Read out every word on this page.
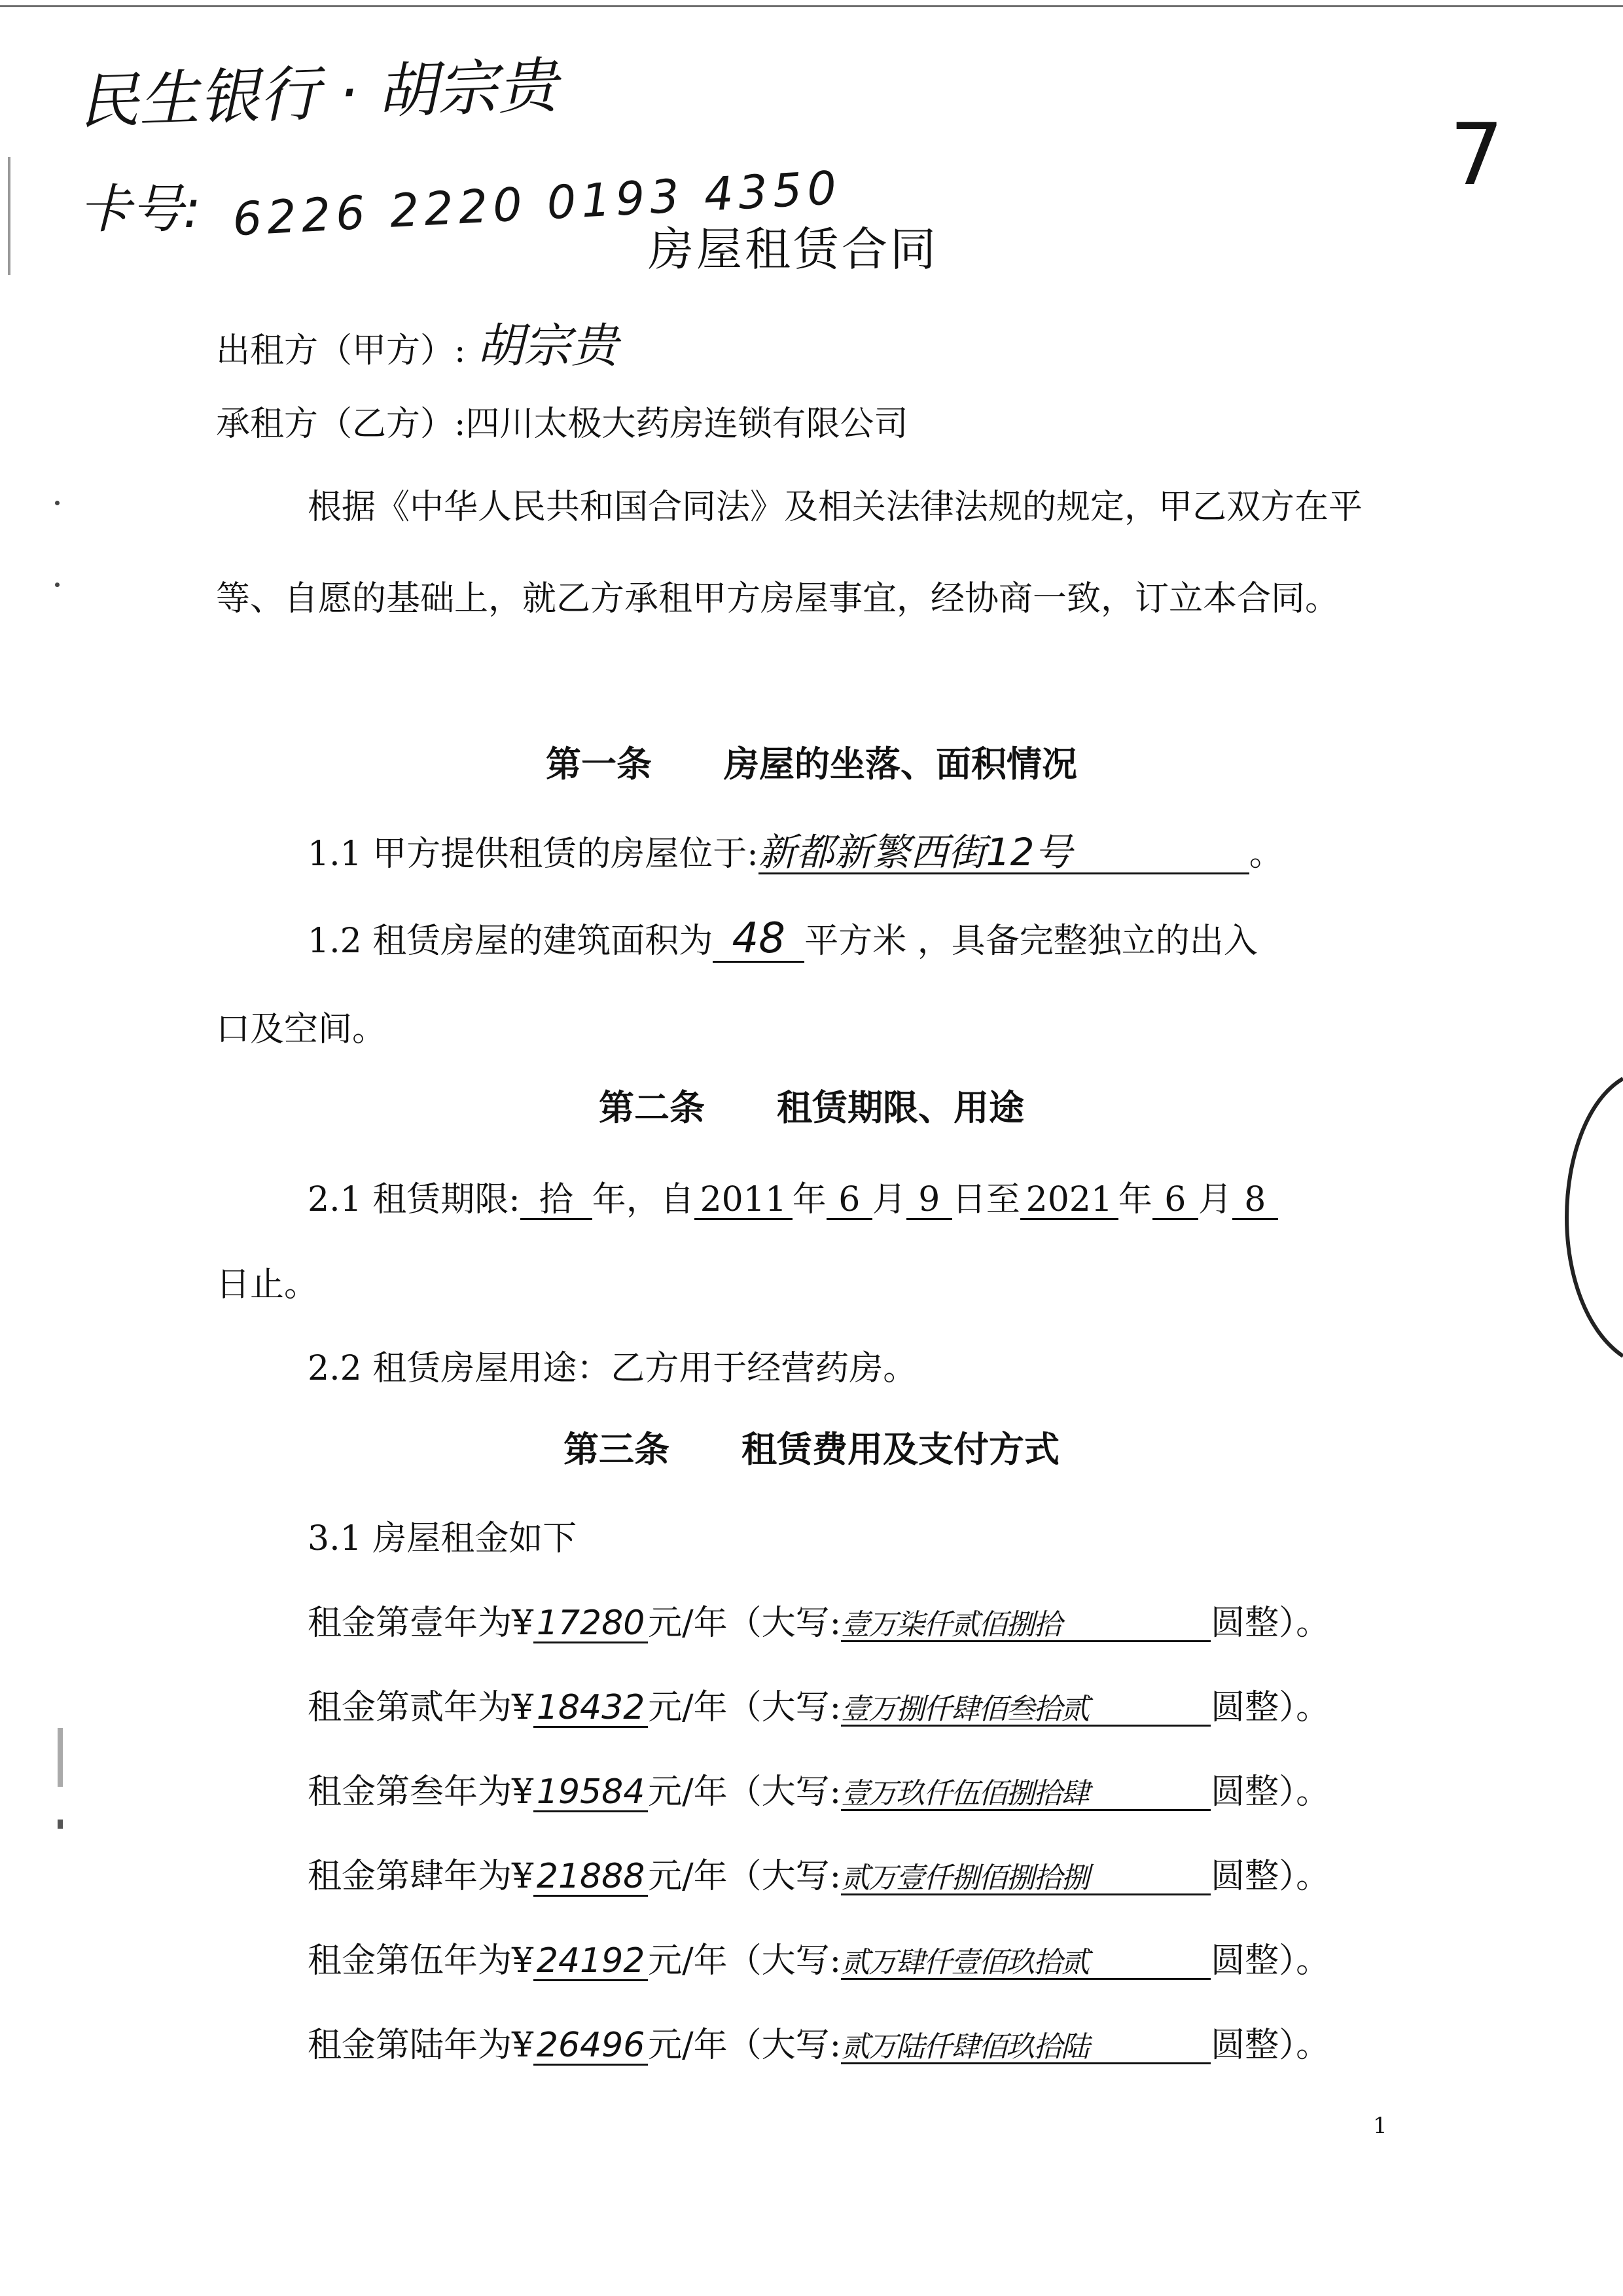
民生银行 · 胡宗贵
卡号: 6226 2220 0193 4350	7
房屋租赁合同
出租方（甲方）: 胡宗贵
承租方（乙方）:四川太极大药房连锁有限公司

根据《中华人民共和国合同法》及相关法律法规的规定，甲乙双方在平等、自愿的基础上，就乙方承租甲方房屋事宜，经协商一致，订立本合同。

第一条 房屋的坐落、面积情况
1.1 甲方提供租赁的房屋位于:新都新繁西街12号	。
1.2 租赁房屋的建筑面积为 48 平方米 ，具备完整独立的出入
口及空间。
第二条 租赁期限、用途
2.1 租赁期限: 拾 年，自 2011 年 6 月 9 日至 2021 年 6 月 8
日止。
2.2 租赁房屋用途：乙方用于经营药房。
第三条 租赁费用及支付方式
3.1 房屋租金如下
租金第壹年为¥17280元/年（大写:壹万柒仟贰佰捌拾	圆整）。
租金第贰年为¥18432元/年（大写:壹万捌仟肆佰叁拾贰	圆整）。
租金第叁年为¥19584元/年（大写:壹万玖仟伍佰捌拾肆	圆整）。
租金第肆年为¥21888元/年（大写:贰万壹仟捌佰捌拾捌	圆整）。
租金第伍年为¥24192元/年（大写:贰万肆仟壹佰玖拾贰	圆整）。
租金第陆年为¥26496元/年（大写:贰万陆仟肆佰玖拾陆	圆整）。
1
